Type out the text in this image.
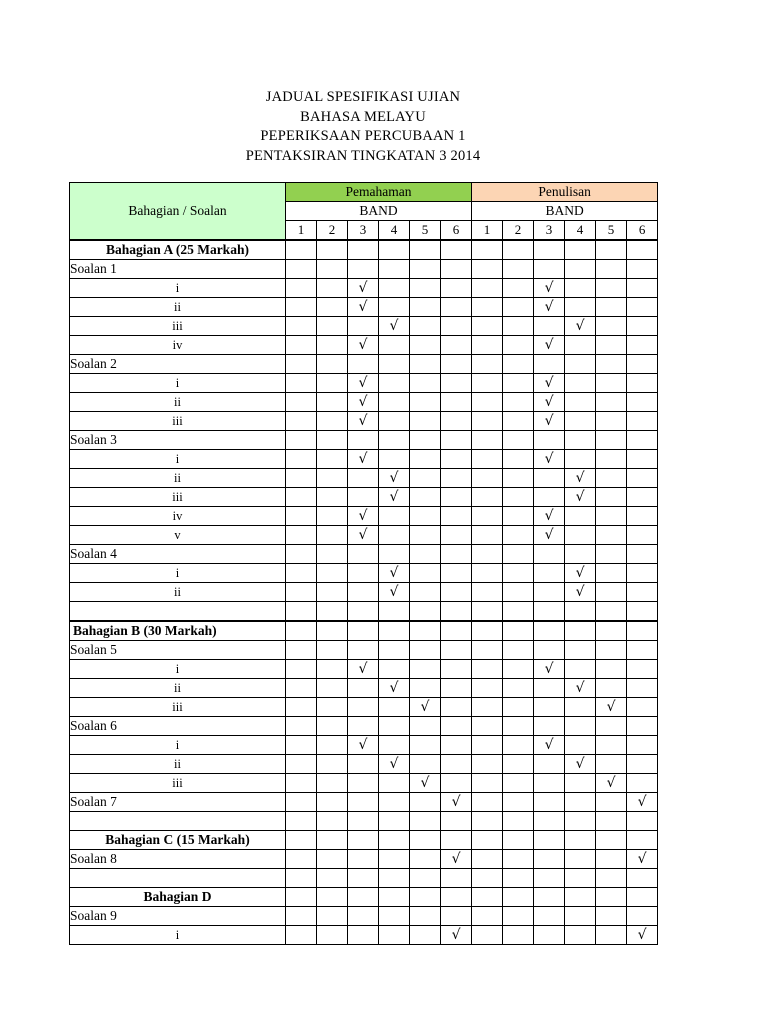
JADUAL SPESIFIKASI UJIAN
BAHASA MELAYU
PEPERIKSAAN PERCUBAAN 1
PENTAKSIRAN TINGKATAN 3 2014
Bahagian / Soalan	Pemahaman						Penulisan					
	BAND						BAND					
	1	2	3	4	5	6	1	2	3	4	5	6
Bahagian A (25 Markah)												
Soalan 1												
i			√						√			
ii			√						√			
iii				√						√		
iv			√						√			
Soalan 2												
i			√						√			
ii			√						√			
iii			√						√			
Soalan 3												
i			√						√			
ii				√						√		
iii				√						√		
iv			√						√			
v			√						√			
Soalan 4												
i				√						√		
ii				√						√		

Bahagian B (30 Markah)												
Soalan 5												
i			√						√			
ii				√						√		
iii					√						√	
Soalan 6												
i			√						√			
ii				√						√		
iii					√						√	
Soalan 7						√						√

Bahagian C (15 Markah)												
Soalan 8						√						√

Bahagian D												
Soalan 9												
i						√						√
